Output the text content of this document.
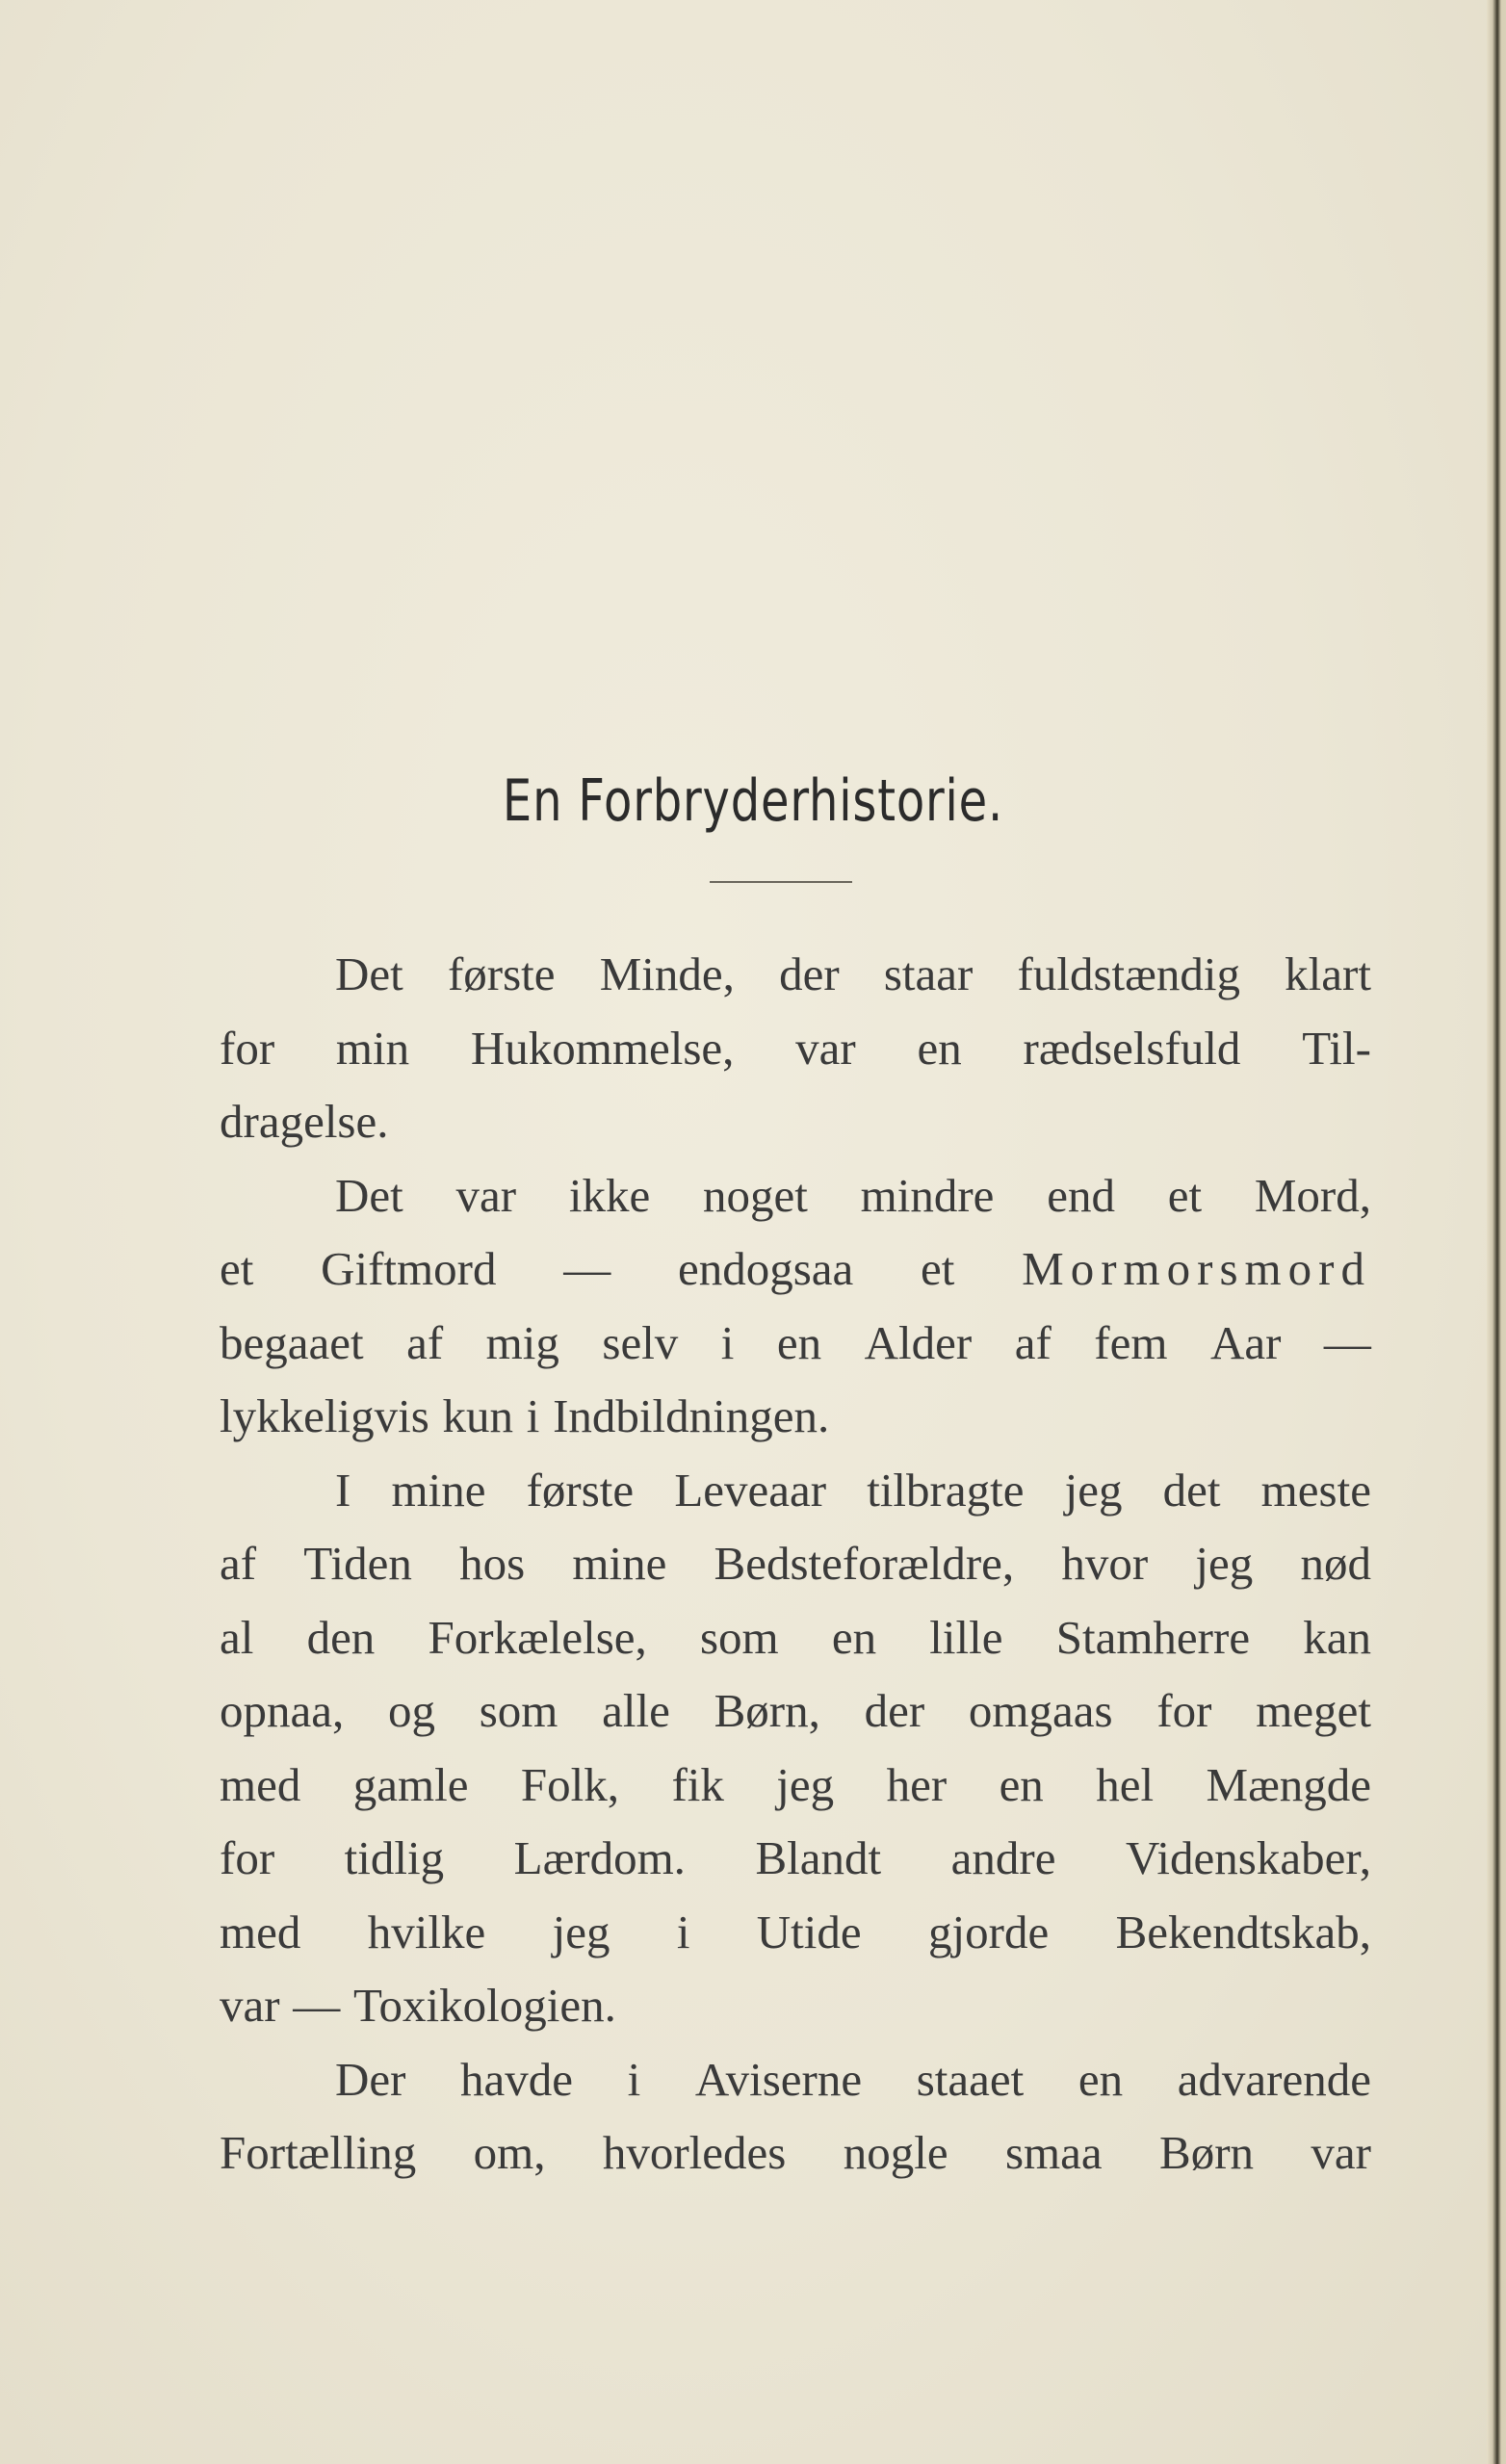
En Forbryderhistorie.
Det første Minde, der staar fuldstændig klart
for min Hukommelse, var en rædselsfuld Til-
dragelse.
Det var ikke noget mindre end et Mord,
et Giftmord — endogsaa et Mormorsmord
begaaet af mig selv i en Alder af fem Aar —
lykkeligvis kun i Indbildningen.
I mine første Leveaar tilbragte jeg det meste
af Tiden hos mine Bedsteforældre, hvor jeg nød
al den Forkælelse, som en lille Stamherre kan
opnaa, og som alle Børn, der omgaas for meget
med gamle Folk, fik jeg her en hel Mængde
for tidlig Lærdom. Blandt andre Videnskaber,
med hvilke jeg i Utide gjorde Bekendtskab,
var — Toxikologien.
Der havde i Aviserne staaet en advarende
Fortælling om, hvorledes nogle smaa Børn var
